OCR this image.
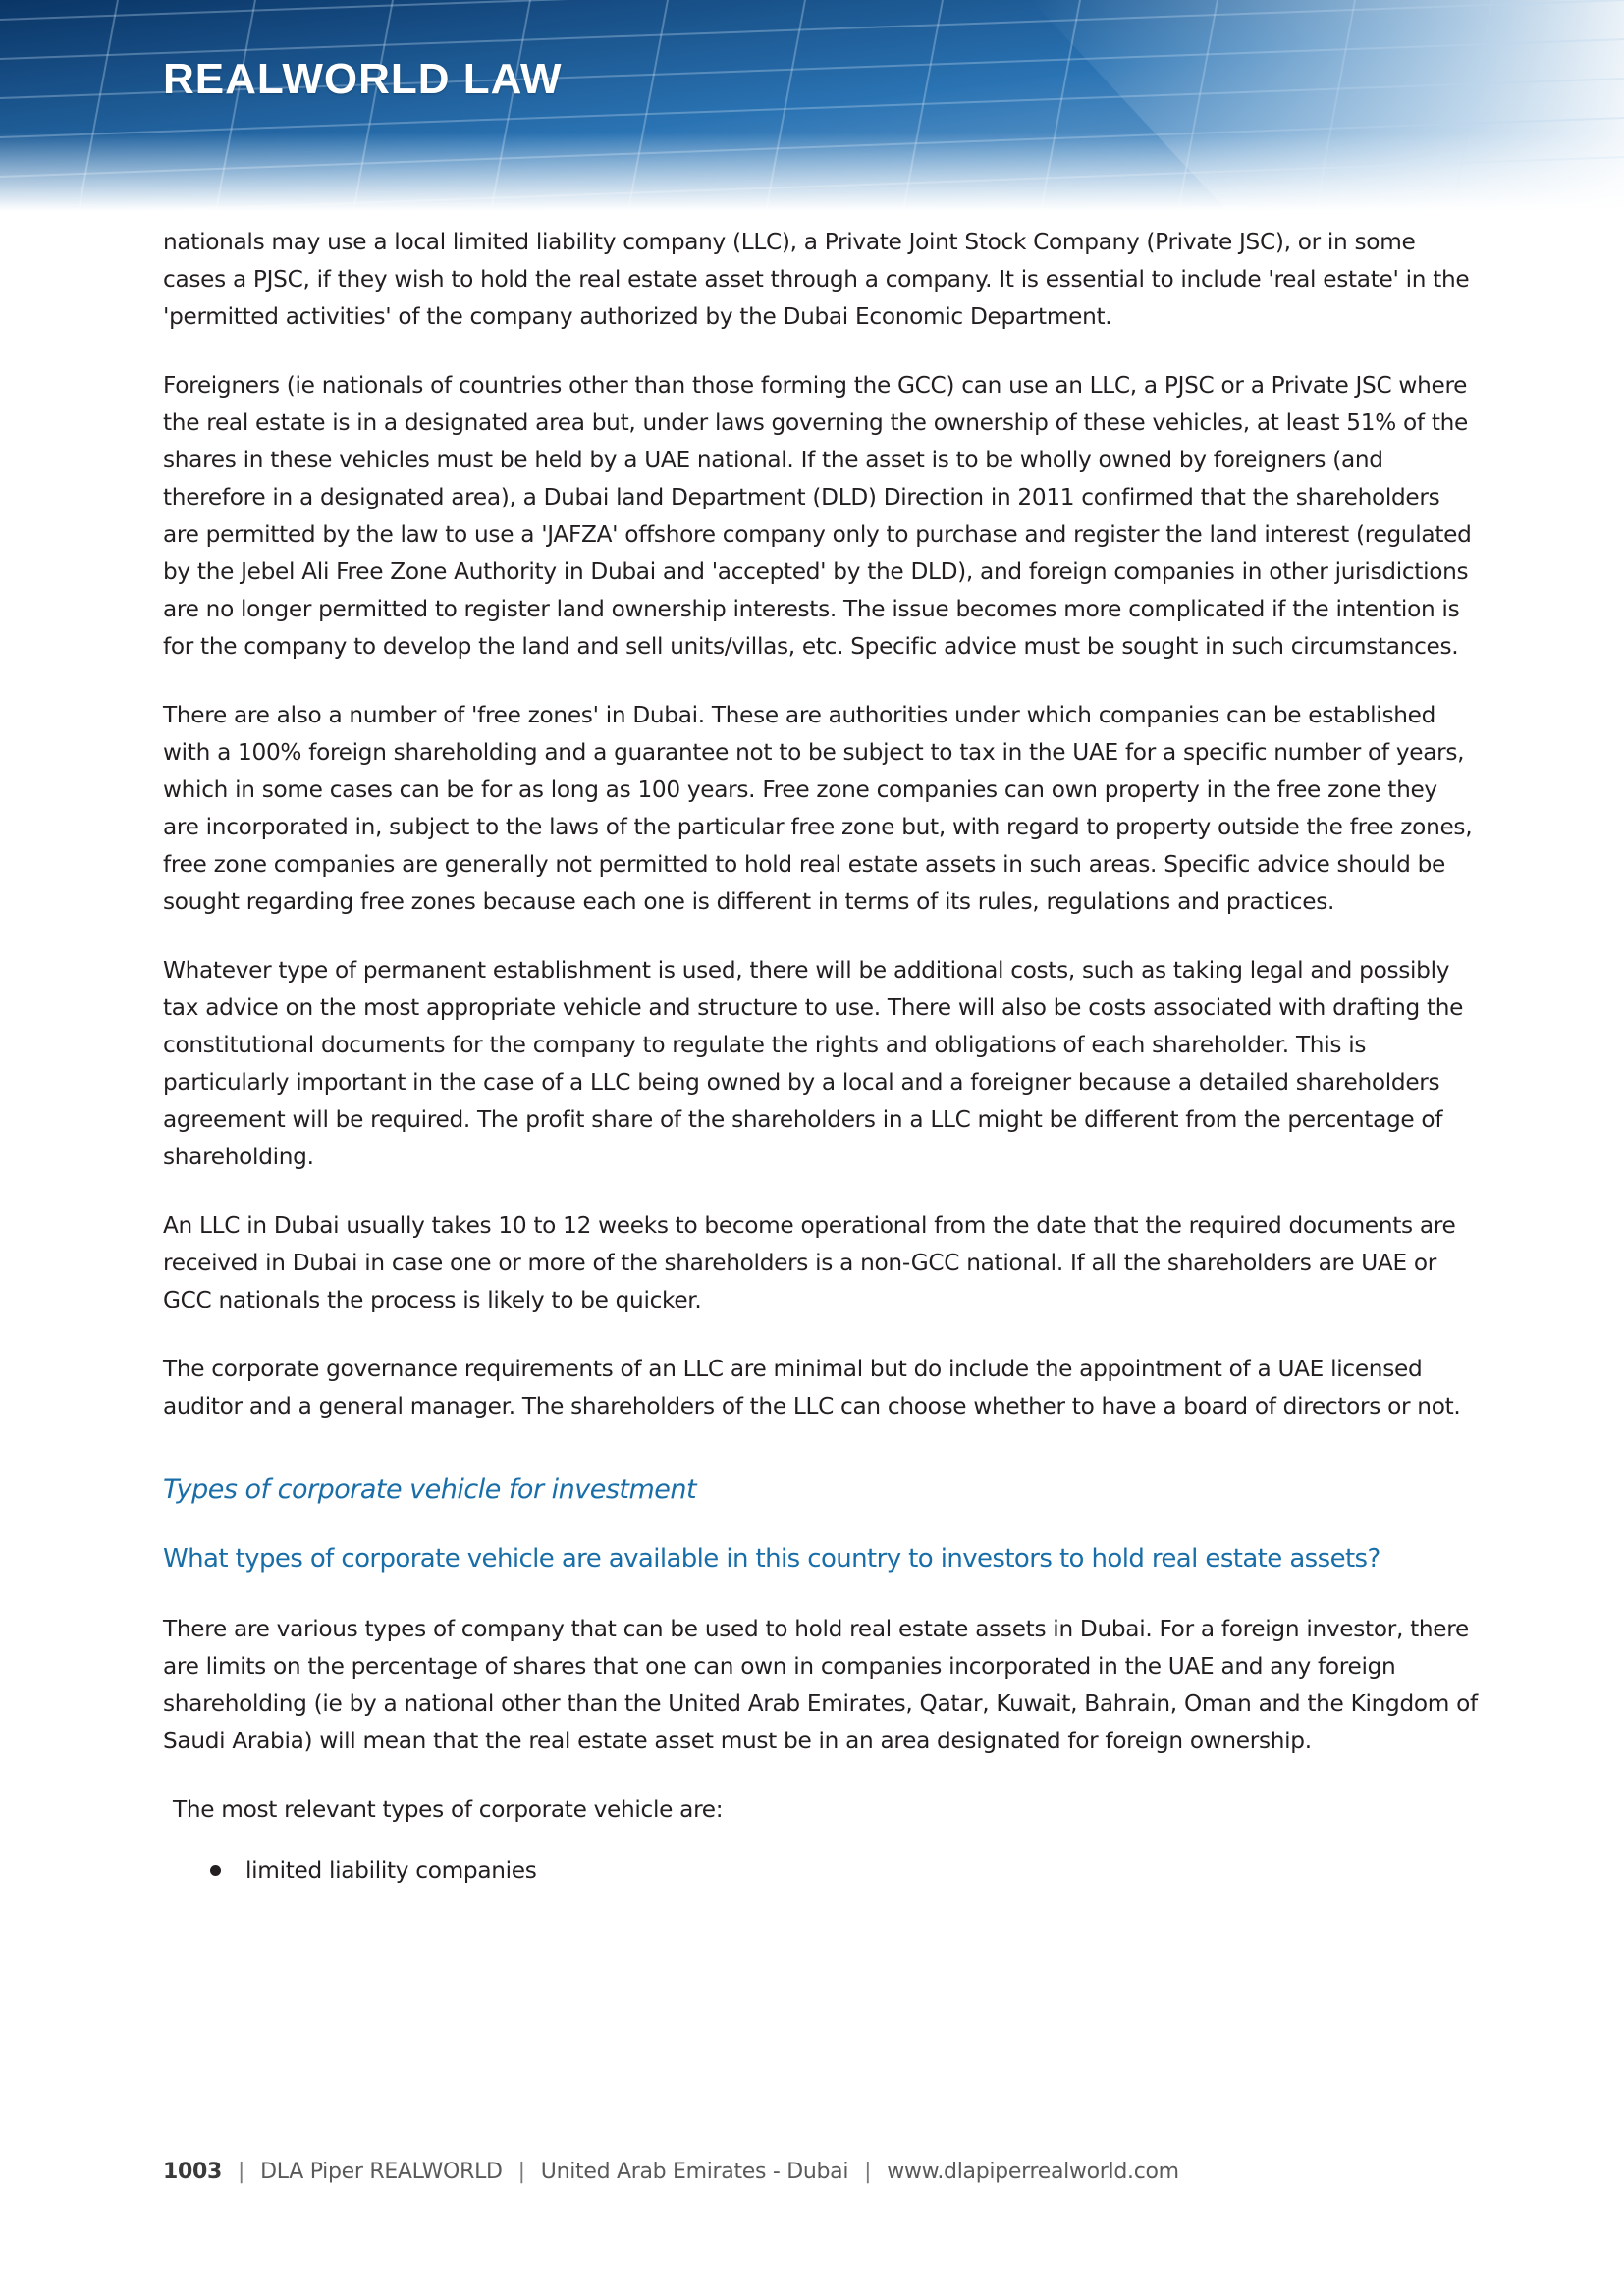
REALWORLD LAW

nationals may use a local limited liability company (LLC), a Private Joint Stock Company (Private JSC), or in some cases a PJSC, if they wish to hold the real estate asset through a company. It is essential to include 'real estate' in the 'permitted activities' of the company authorized by the Dubai Economic Department.

Foreigners (ie nationals of countries other than those forming the GCC) can use an LLC, a PJSC or a Private JSC where the real estate is in a designated area but, under laws governing the ownership of these vehicles, at least 51% of the shares in these vehicles must be held by a UAE national. If the asset is to be wholly owned by foreigners (and therefore in a designated area), a Dubai land Department (DLD) Direction in 2011 confirmed that the shareholders are permitted by the law to use a 'JAFZA' offshore company only to purchase and register the land interest (regulated by the Jebel Ali Free Zone Authority in Dubai and 'accepted' by the DLD), and foreign companies in other jurisdictions are no longer permitted to register land ownership interests. The issue becomes more complicated if the intention is for the company to develop the land and sell units/villas, etc. Specific advice must be sought in such circumstances.

There are also a number of 'free zones' in Dubai. These are authorities under which companies can be established with a 100% foreign shareholding and a guarantee not to be subject to tax in the UAE for a specific number of years, which in some cases can be for as long as 100 years. Free zone companies can own property in the free zone they are incorporated in, subject to the laws of the particular free zone but, with regard to property outside the free zones, free zone companies are generally not permitted to hold real estate assets in such areas. Specific advice should be sought regarding free zones because each one is different in terms of its rules, regulations and practices.

Whatever type of permanent establishment is used, there will be additional costs, such as taking legal and possibly tax advice on the most appropriate vehicle and structure to use. There will also be costs associated with drafting the constitutional documents for the company to regulate the rights and obligations of each shareholder. This is particularly important in the case of a LLC being owned by a local and a foreigner because a detailed shareholders agreement will be required. The profit share of the shareholders in a LLC might be different from the percentage of shareholding.

An LLC in Dubai usually takes 10 to 12 weeks to become operational from the date that the required documents are received in Dubai in case one or more of the shareholders is a non-GCC national. If all the shareholders are UAE or GCC nationals the process is likely to be quicker.

The corporate governance requirements of an LLC are minimal but do include the appointment of a UAE licensed auditor and a general manager. The shareholders of the LLC can choose whether to have a board of directors or not.

Types of corporate vehicle for investment
What types of corporate vehicle are available in this country to investors to hold real estate assets?

There are various types of company that can be used to hold real estate assets in Dubai. For a foreign investor, there are limits on the percentage of shares that one can own in companies incorporated in the UAE and any foreign shareholding (ie by a national other than the United Arab Emirates, Qatar, Kuwait, Bahrain, Oman and the Kingdom of Saudi Arabia) will mean that the real estate asset must be in an area designated for foreign ownership.

The most relevant types of corporate vehicle are:

limited liability companies
1003 | DLA Piper REALWORLD | United Arab Emirates - Dubai | www.dlapiperrealworld.com
